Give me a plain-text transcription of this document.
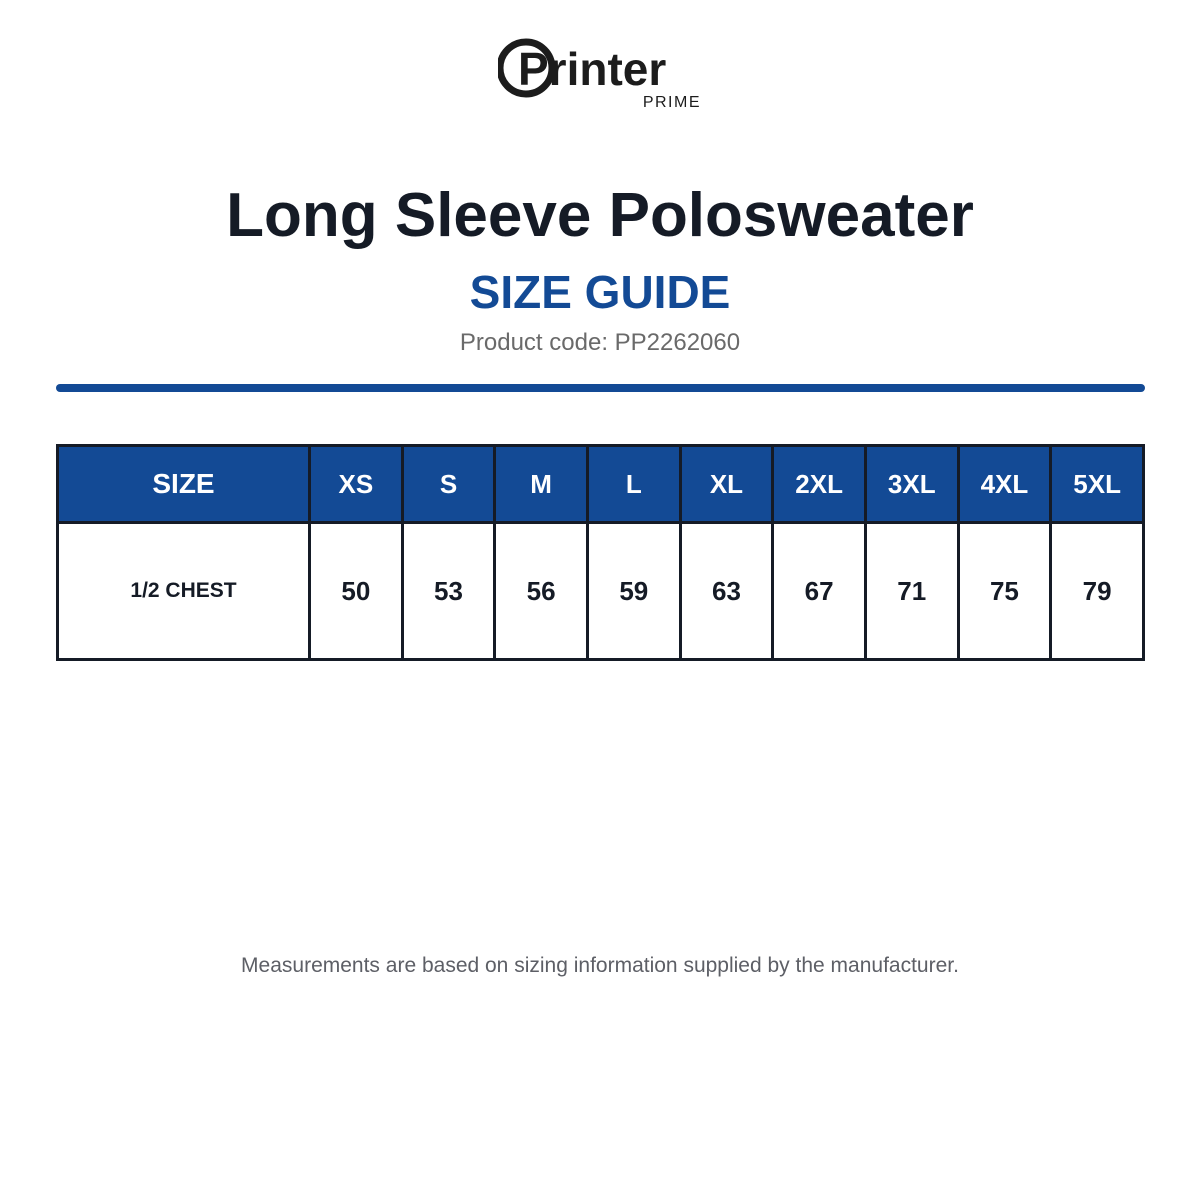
Printer
PRIME
Long Sleeve Polosweater
SIZE GUIDE
Product code: PP2262060
SIZE	XS	S	M	L	XL	2XL	3XL	4XL	5XL
1/2 CHEST	50	53	56	59	63	67	71	75	79
Measurements are based on sizing information supplied by the manufacturer.
